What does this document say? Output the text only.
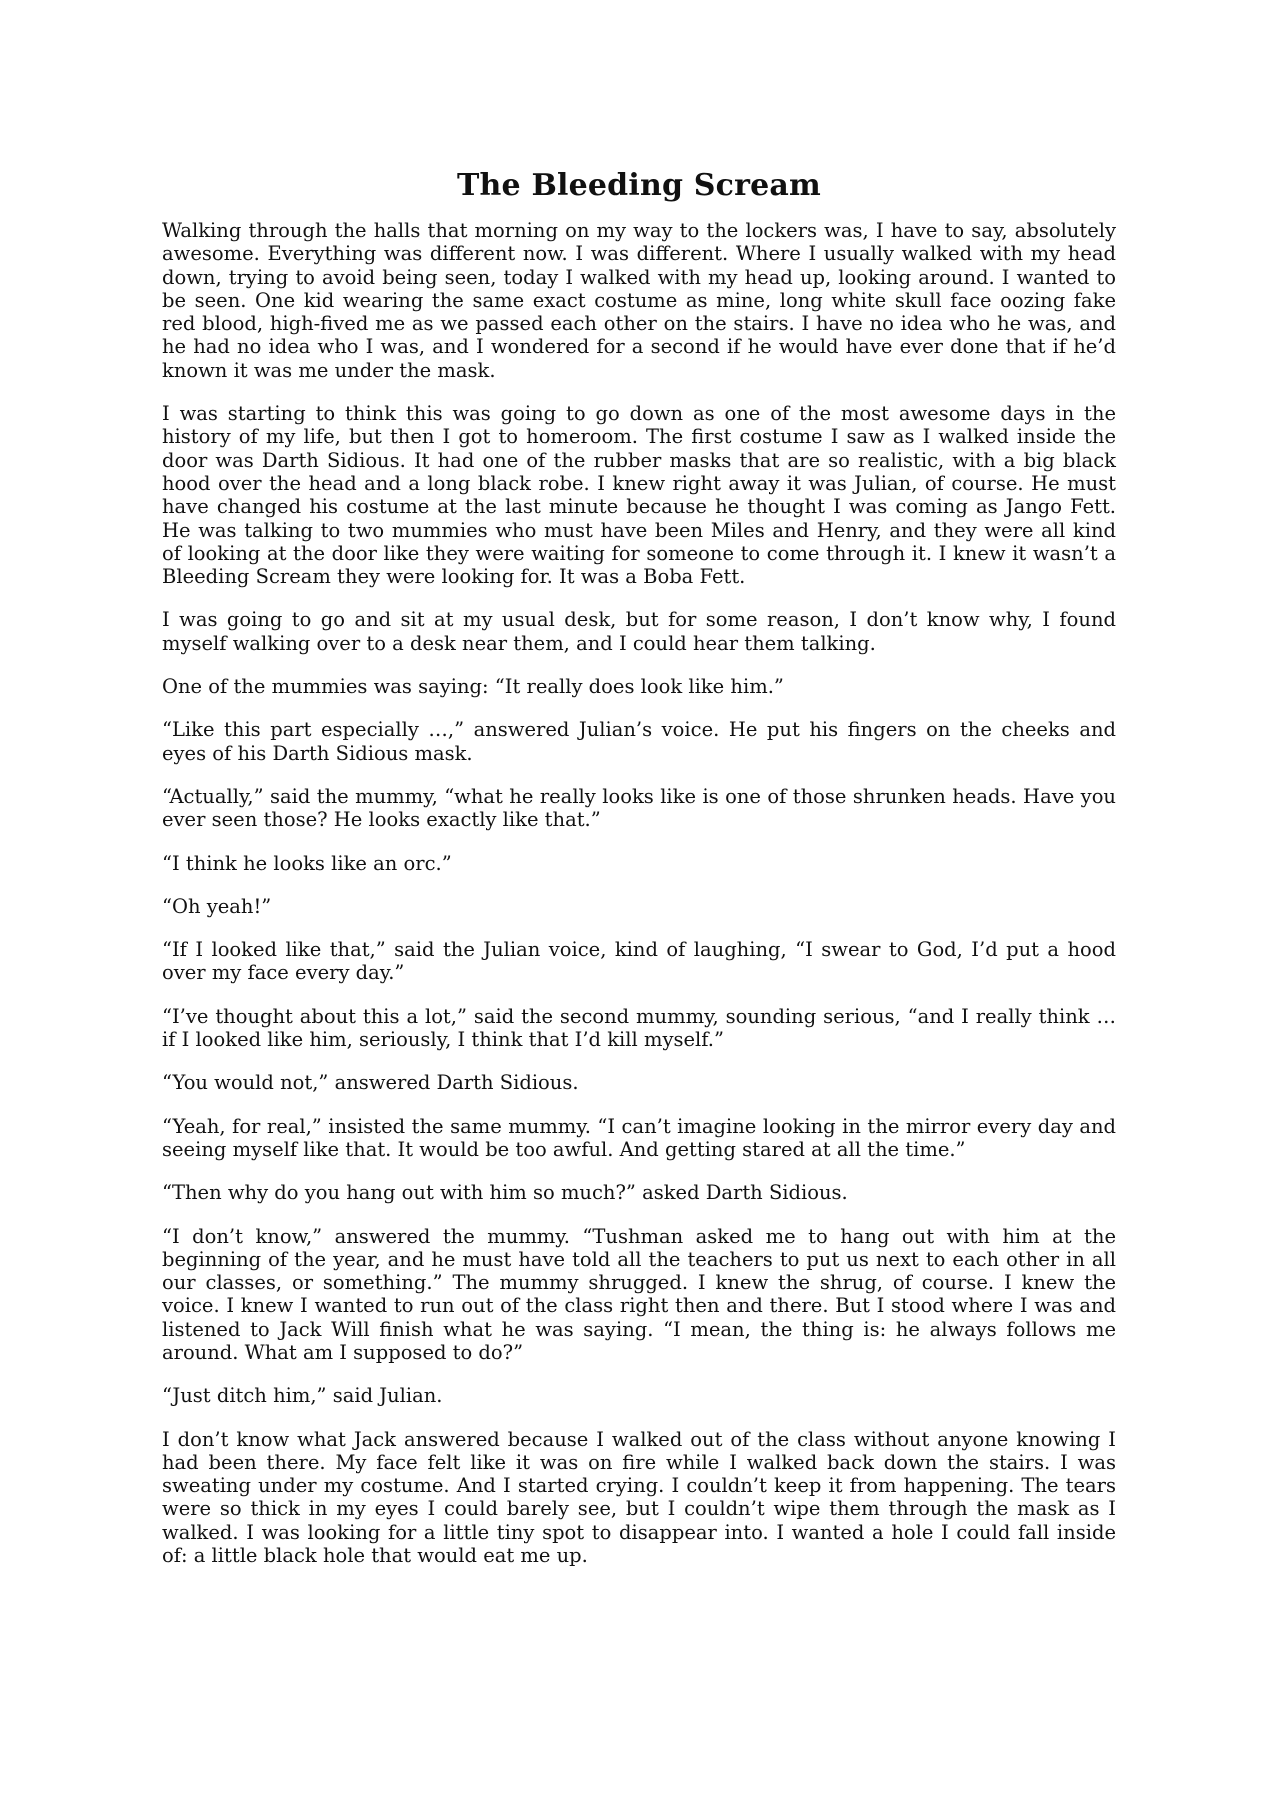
The Bleeding Scream

Walking through the halls that morning on my way to the lockers was, I have to say, absolutely awesome. Everything was different now. I was different. Where I usually walked with my head down, trying to avoid being seen, today I walked with my head up, looking around. I wanted to be seen. One kid wearing the same exact costume as mine, long white skull face oozing fake red blood, high-fived me as we passed each other on the stairs. I have no idea who he was, and he had no idea who I was, and I wondered for a second if he would have ever done that if he’d known it was me under the mask.

I was starting to think this was going to go down as one of the most awesome days in the history of my life, but then I got to homeroom. The first costume I saw as I walked inside the door was Darth Sidious. It had one of the rubber masks that are so realistic, with a big black hood over the head and a long black robe. I knew right away it was Julian, of course. He must have changed his costume at the last minute because he thought I was coming as Jango Fett. He was talking to two mummies who must have been Miles and Henry, and they were all kind of looking at the door like they were waiting for someone to come through it. I knew it wasn’t a Bleeding Scream they were looking for. It was a Boba Fett.

I was going to go and sit at my usual desk, but for some reason, I don’t know why, I found myself walking over to a desk near them, and I could hear them talking.

One of the mummies was saying: “It really does look like him.”

“Like this part especially …,” answered Julian’s voice. He put his fingers on the cheeks and eyes of his Darth Sidious mask.

“Actually,” said the mummy, “what he really looks like is one of those shrunken heads. Have you ever seen those? He looks exactly like that.”

“I think he looks like an orc.”

“Oh yeah!”

“If I looked like that,” said the Julian voice, kind of laughing, “I swear to God, I’d put a hood over my face every day.”

“I’ve thought about this a lot,” said the second mummy, sounding serious, “and I really think … if I looked like him, seriously, I think that I’d kill myself.”

“You would not,” answered Darth Sidious.

“Yeah, for real,” insisted the same mummy. “I can’t imagine looking in the mirror every day and seeing myself like that. It would be too awful. And getting stared at all the time.”

“Then why do you hang out with him so much?” asked Darth Sidious.

“I don’t know,” answered the mummy. “Tushman asked me to hang out with him at the beginning of the year, and he must have told all the teachers to put us next to each other in all our classes, or something.” The mummy shrugged. I knew the shrug, of course. I knew the voice. I knew I wanted to run out of the class right then and there. But I stood where I was and listened to Jack Will finish what he was saying. “I mean, the thing is: he always follows me around. What am I supposed to do?”

“Just ditch him,” said Julian.

I don’t know what Jack answered because I walked out of the class without anyone knowing I had been there. My face felt like it was on fire while I walked back down the stairs. I was sweating under my costume. And I started crying. I couldn’t keep it from happening. The tears were so thick in my eyes I could barely see, but I couldn’t wipe them through the mask as I walked. I was looking for a little tiny spot to disappear into. I wanted a hole I could fall inside of: a little black hole that would eat me up.
